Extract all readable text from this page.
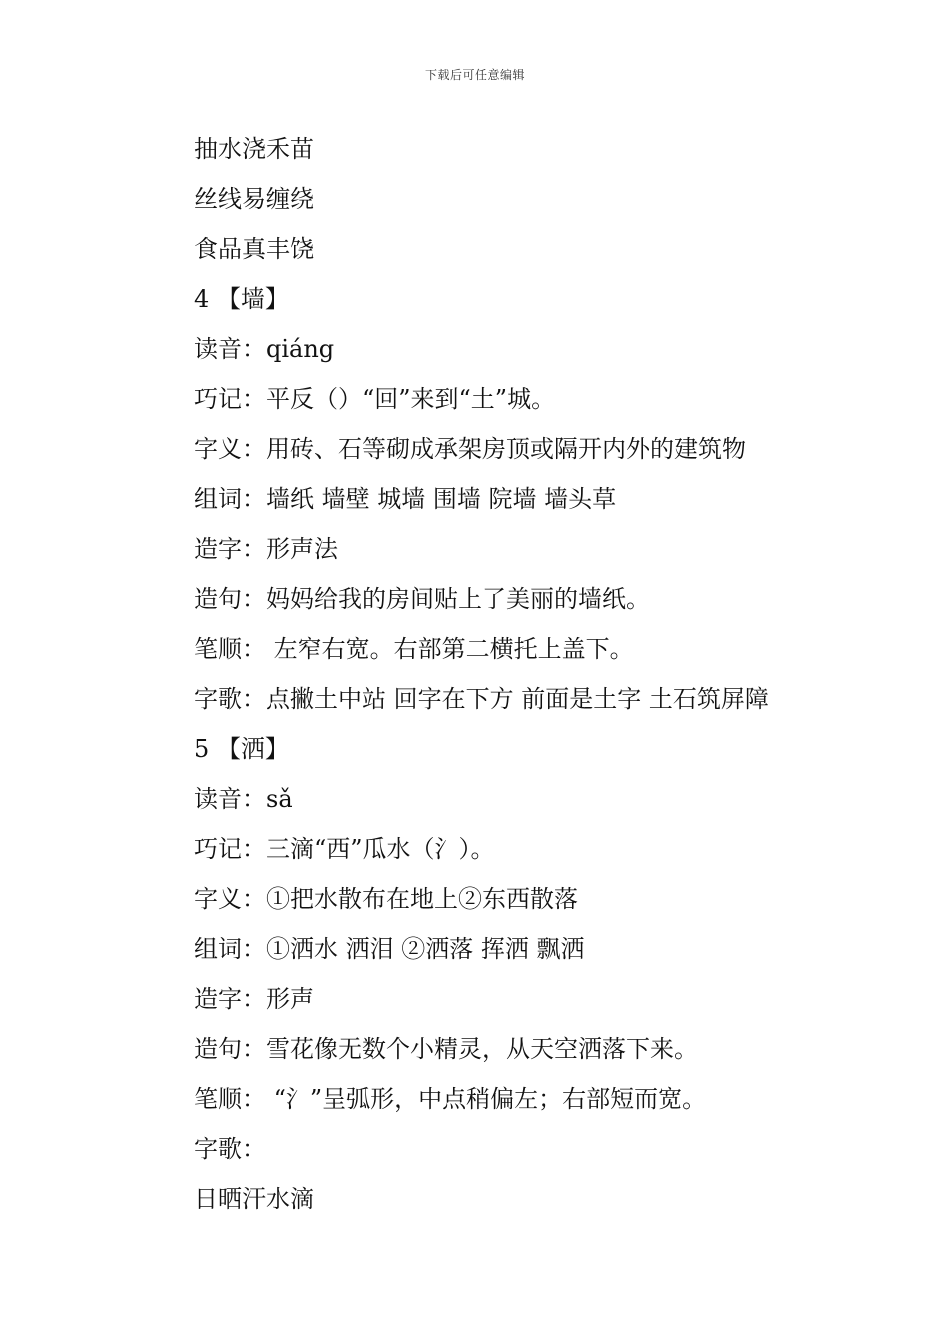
下载后可任意编辑
抽水浇禾苗
丝线易缠绕
食品真丰饶
4 【墙】
读音：qiáng
巧记：平反（）“回”来到“土”城。
字义：用砖、石等砌成承架房顶或隔开内外的建筑物
组词：墙纸 墙壁 城墙 围墙 院墙 墙头草
造字：形声法
造句：妈妈给我的房间贴上了美丽的墙纸。
笔顺： 左窄右宽。右部第二横托上盖下。
字歌：点撇土中站 回字在下方 前面是土字 土石筑屏障
5 【洒】
读音：sǎ
巧记：三滴“西”瓜水（氵）。
字义：①把水散布在地上②东西散落
组词：①洒水 洒泪 ②洒落 挥洒 飘洒
造字：形声
造句：雪花像无数个小精灵，从天空洒落下来。
笔顺： “氵”呈弧形，中点稍偏左；右部短而宽。
字歌：
日晒汗水滴
